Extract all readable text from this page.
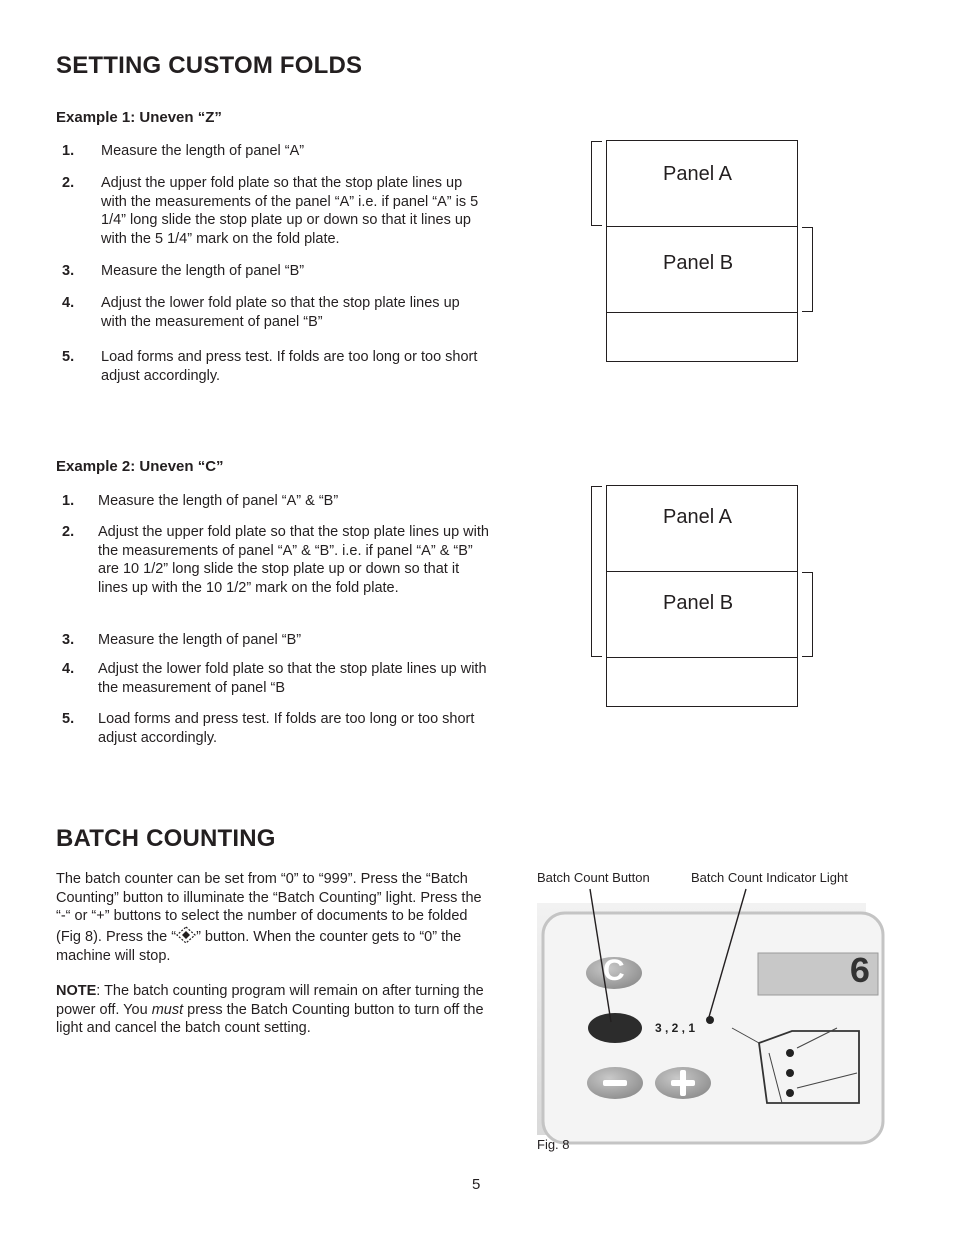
SETTING CUSTOM FOLDS
Example 1: Uneven “Z”
1. Measure the length of panel “A”
2. Adjust the upper fold plate so that the stop plate lines up with the measurements of the panel “A” i.e. if panel “A” is 5 1/4” long slide the stop plate up or down so that it lines up with the 5 1/4” mark on the fold plate.
3. Measure the length of panel “B”
4. Adjust the lower fold plate so that the stop plate lines up with the measurement of panel “B”
5. Load forms and press test. If folds are too long or too short adjust accordingly.
Panel A
Panel B
Example 2: Uneven “C”
1. Measure the length of panel “A” & “B”
2. Adjust the upper fold plate so that the stop plate lines up with the measurements of panel “A” & “B”. i.e. if panel “A” & “B” are 10 1/2” long slide the stop plate up or down so that it lines up with the 10 1/2” mark on the fold plate.
3. Measure the length of panel “B”
4. Adjust the lower fold plate so that the stop plate lines up with the measurement of panel “B
5. Load forms and press test. If folds are too long or too short adjust accordingly.
Panel A
Panel B
BATCH COUNTING
The batch counter can be set from “0” to “999”. Press the “Batch Counting” button to illuminate the “Batch Counting” light. Press the “-“ or “+” buttons to select the number of documents to be folded (Fig 8). Press the “ ” button. When the counter gets to “0” the machine will stop.
NOTE: The batch counting program will remain on after turning the power off. You must press the Batch Counting button to turn off the light and cancel the batch count setting.
Batch Count Button	Batch Count Indicator Light
C	6
3 , 2 , 1
Fig. 8
5
